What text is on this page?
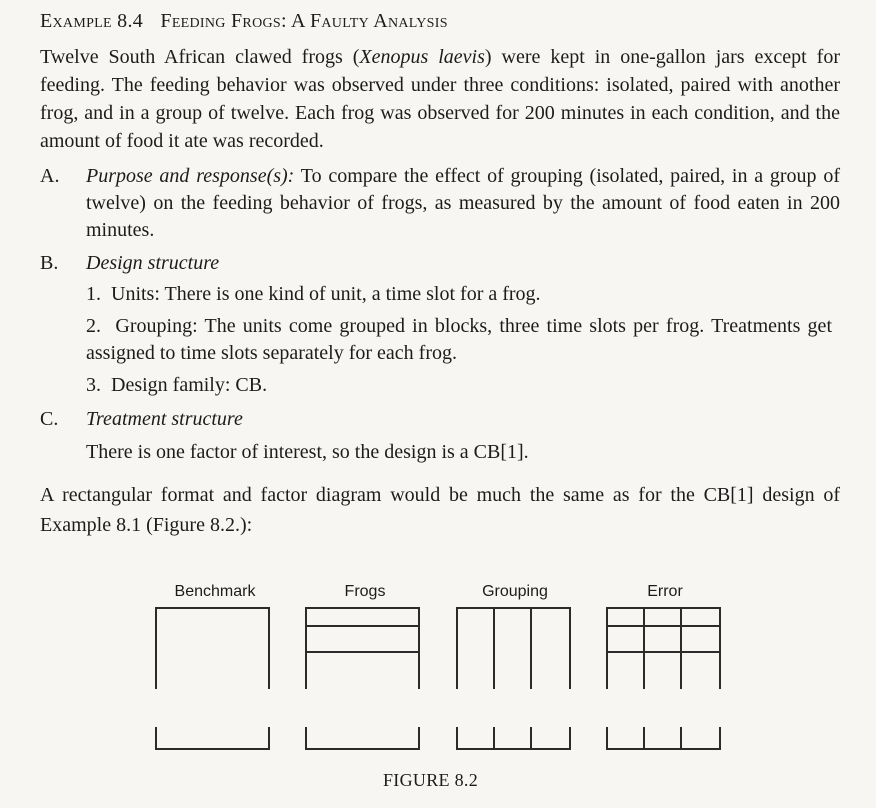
Example 8.4 Feeding Frogs: A Faulty Analysis
Twelve South African clawed frogs (Xenopus laevis) were kept in one-gallon jars except for feeding. The feeding behavior was observed under three conditions: isolated, paired with another frog, and in a group of twelve. Each frog was observed for 200 minutes in each condition, and the amount of food it ate was recorded.
A. Purpose and response(s): To compare the effect of grouping (isolated, paired, in a group of twelve) on the feeding behavior of frogs, as measured by the amount of food eaten in 200 minutes.
B. Design structure
1. Units: There is one kind of unit, a time slot for a frog.
2. Grouping: The units come grouped in blocks, three time slots per frog. Treatments get assigned to time slots separately for each frog.
3. Design family: CB.
C. Treatment structure
There is one factor of interest, so the design is a CB[1].
A rectangular format and factor diagram would be much the same as for the CB[1] design of Example 8.1 (Figure 8.2.):
Benchmark	Frogs	Grouping	Error
FIGURE 8.2
